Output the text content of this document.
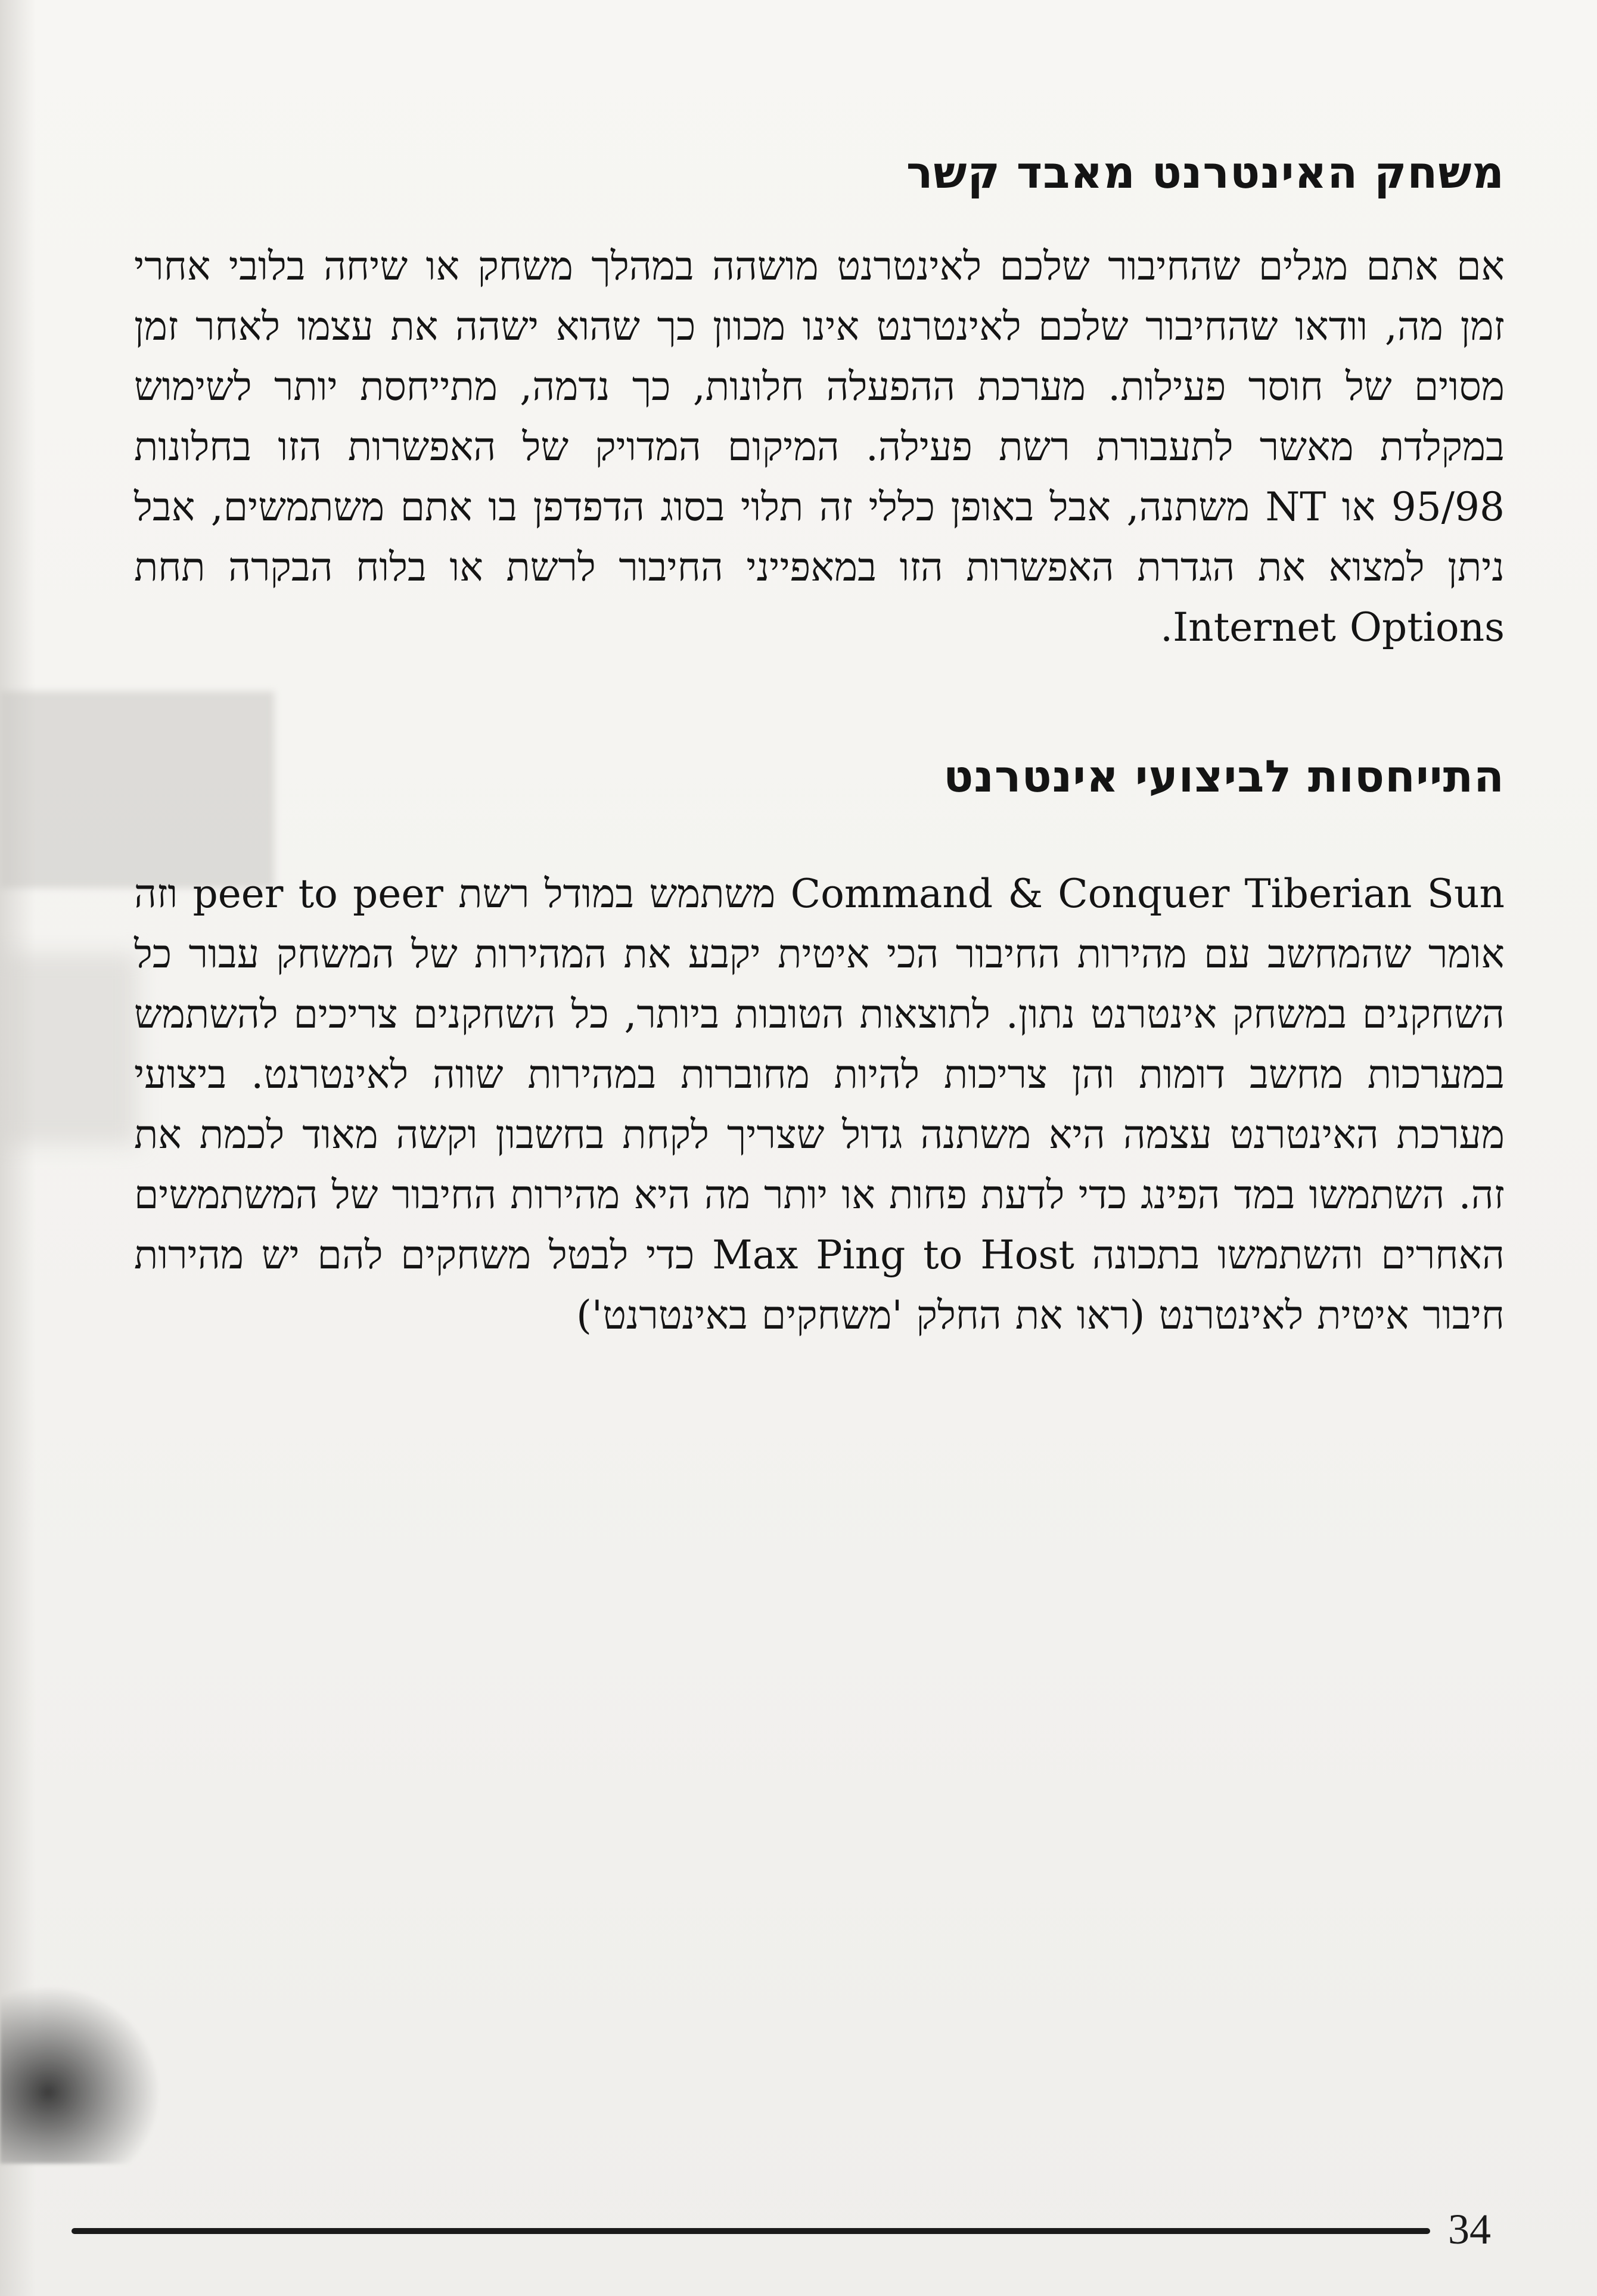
משחק האינטרנט מאבד קשר

אם אתם מגלים שהחיבור שלכם לאינטרנט מושהה במהלך משחק או שיחה בלובי אחרי זמן מה, וודאו שהחיבור שלכם לאינטרנט אינו מכוון כך שהוא ישהה את עצמו לאחר זמן מסוים של חוסר פעילות. מערכת ההפעלה חלונות, כך נדמה, מתייחסת יותר לשימוש במקלדת מאשר לתעבורת רשת פעילה. המיקום המדויק של האפשרות הזו בחלונות 95/98 או NT משתנה, אבל באופן כללי זה תלוי בסוג הדפדפן בו אתם משתמשים, אבל ניתן למצוא את הגדרת האפשרות הזו במאפייני החיבור לרשת או בלוח הבקרה תחת Internet Options.

התייחסות לביצועי אינטרנט

Command & Conquer Tiberian Sun משתמש במודל רשת peer to peer וזה אומר שהמחשב עם מהירות החיבור הכי איטית יקבע את המהירות של המשחק עבור כל השחקנים במשחק אינטרנט נתון. לתוצאות הטובות ביותר, כל השחקנים צריכים להשתמש במערכות מחשב דומות והן צריכות להיות מחוברות במהירות שווה לאינטרנט. ביצועי מערכת האינטרנט עצמה היא משתנה גדול שצריך לקחת בחשבון וקשה מאוד לכמת את זה. השתמשו במד הפינג כדי לדעת פחות או יותר מה היא מהירות החיבור של המשתמשים האחרים והשתמשו בתכונה Max Ping to Host כדי לבטל משחקים להם יש מהירות חיבור איטית לאינטרנט (ראו את החלק 'משחקים באינטרנט')

34
